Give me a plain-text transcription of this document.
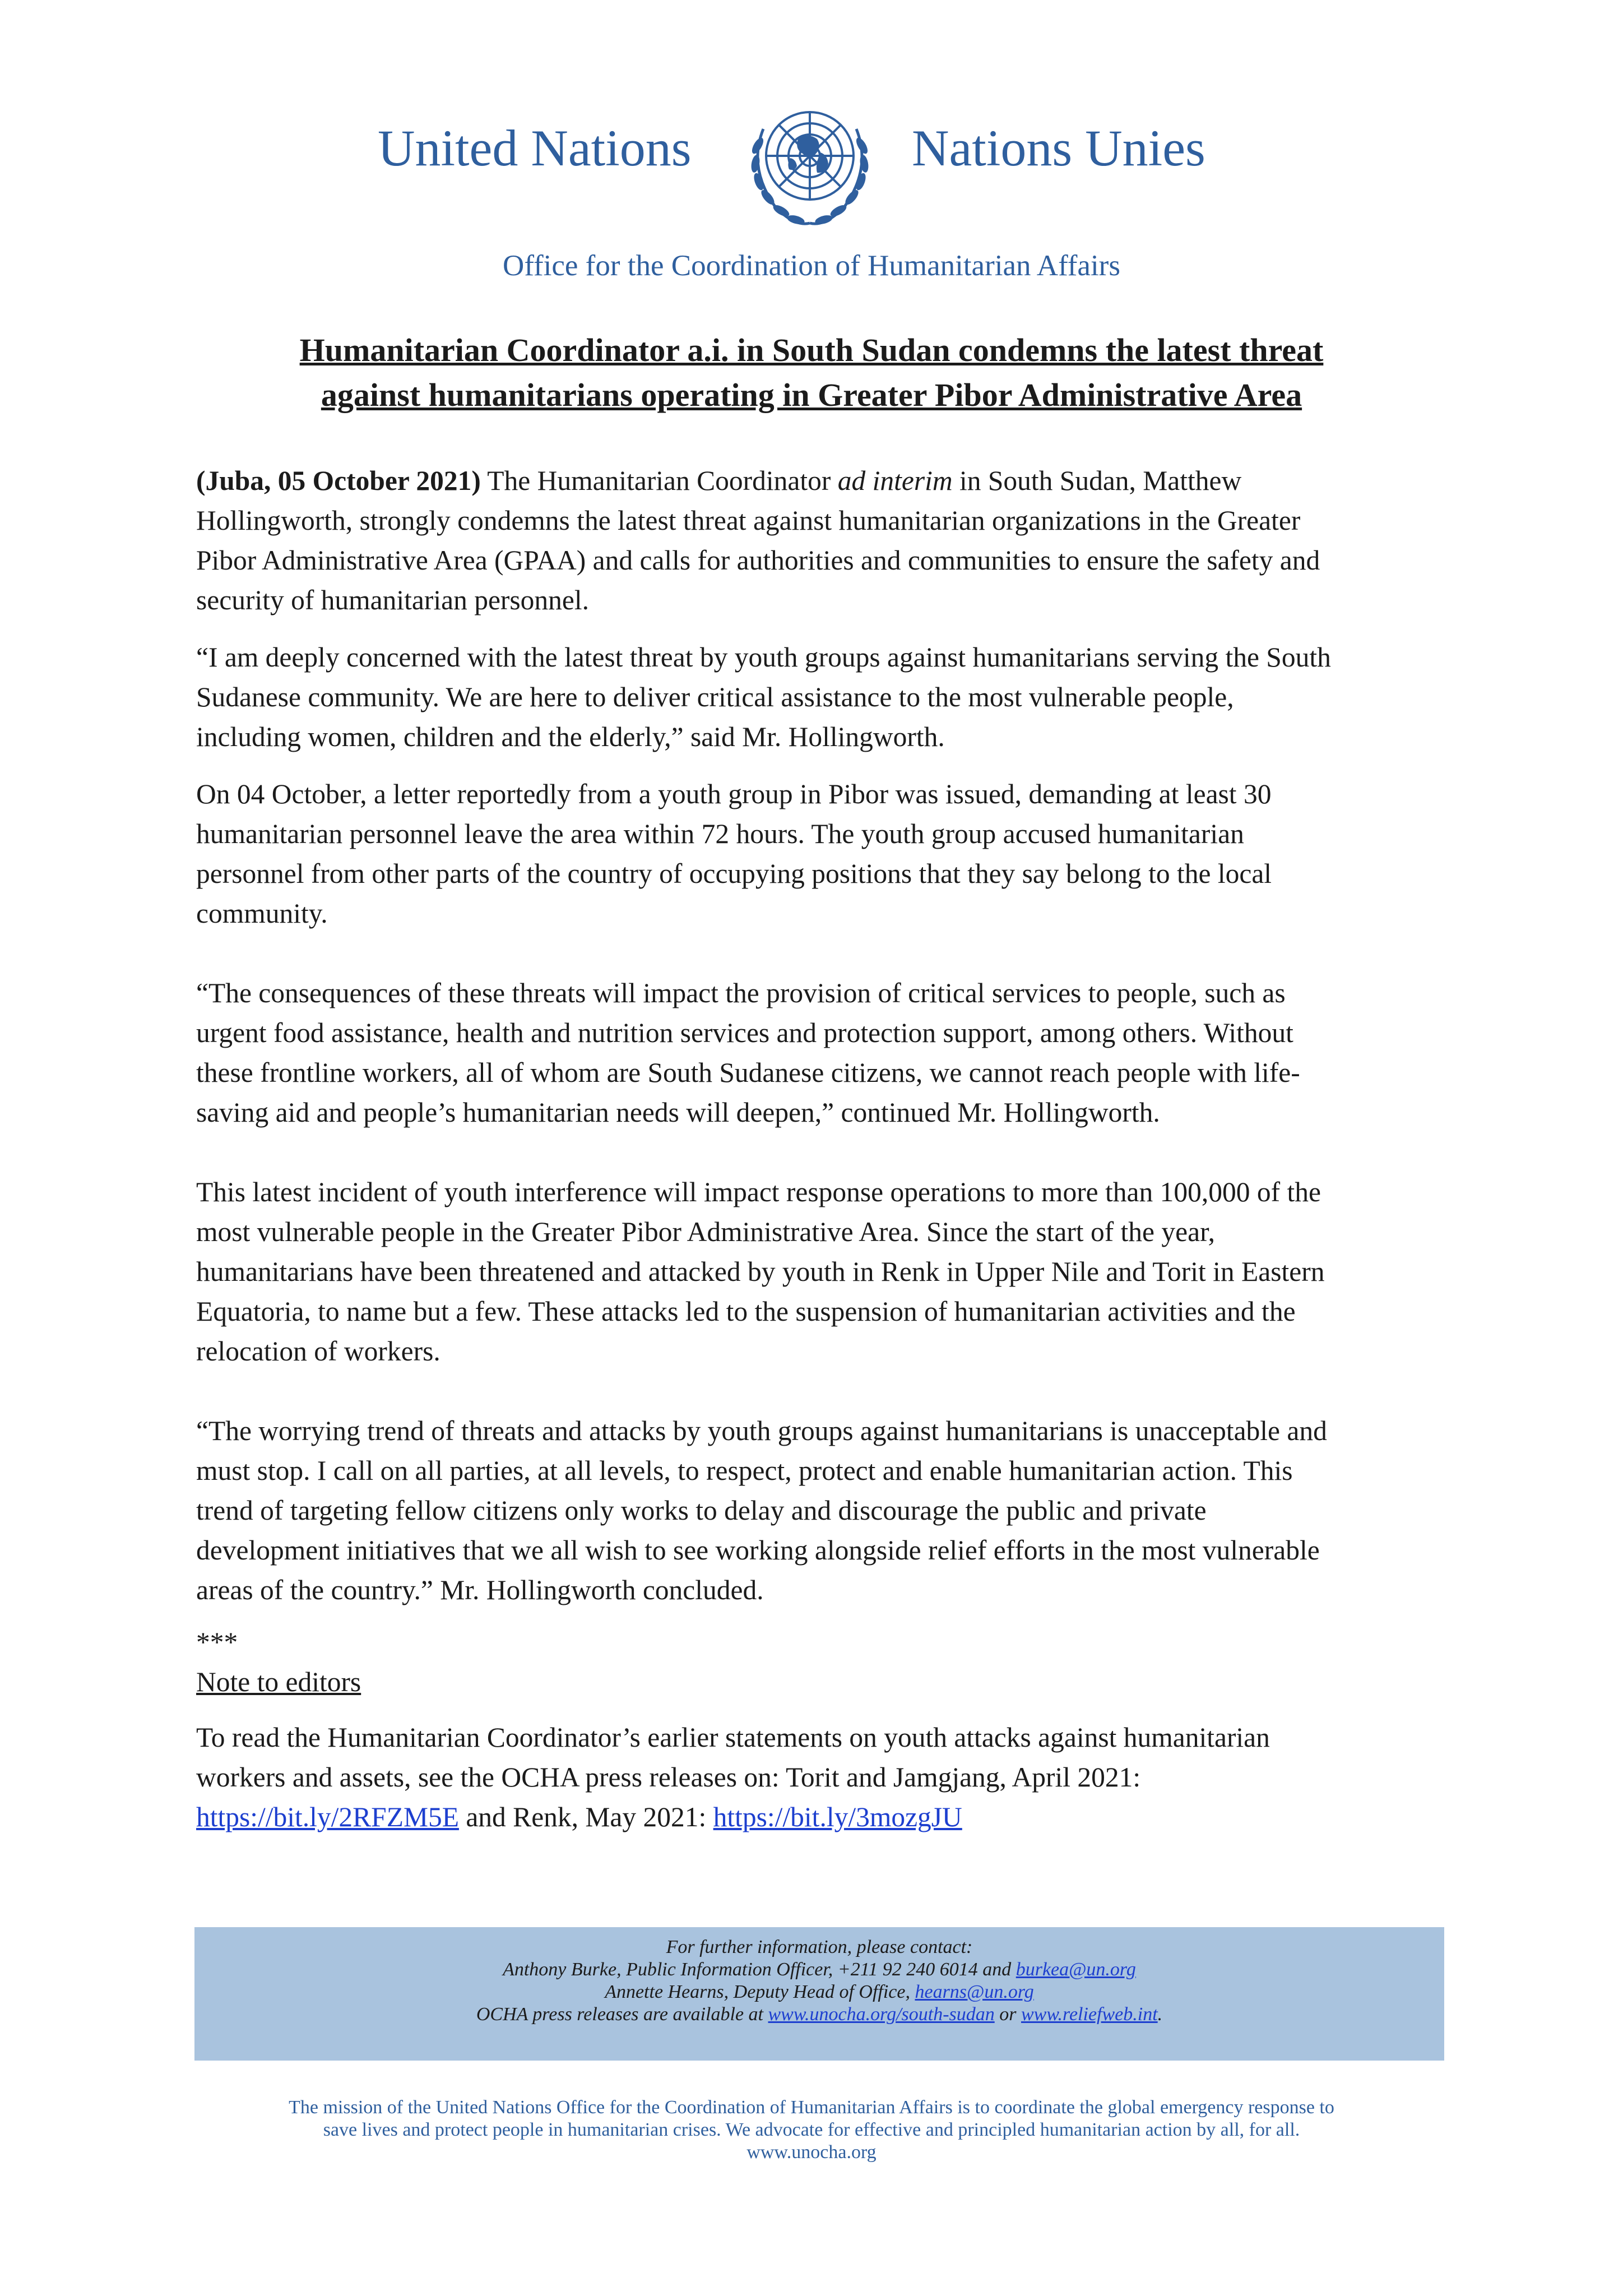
United Nations	Nations Unies
Office for the Coordination of Humanitarian Affairs
Humanitarian Coordinator a.i. in South Sudan condemns the latest threat
against humanitarians operating in Greater Pibor Administrative Area
(Juba, 05 October 2021) The Humanitarian Coordinator ad interim in South Sudan, Matthew
Hollingworth, strongly condemns the latest threat against humanitarian organizations in the Greater
Pibor Administrative Area (GPAA) and calls for authorities and communities to ensure the safety and
security of humanitarian personnel.
“I am deeply concerned with the latest threat by youth groups against humanitarians serving the South
Sudanese community. We are here to deliver critical assistance to the most vulnerable people,
including women, children and the elderly,” said Mr. Hollingworth.
On 04 October, a letter reportedly from a youth group in Pibor was issued, demanding at least 30
humanitarian personnel leave the area within 72 hours. The youth group accused humanitarian
personnel from other parts of the country of occupying positions that they say belong to the local
community.
“The consequences of these threats will impact the provision of critical services to people, such as
urgent food assistance, health and nutrition services and protection support, among others. Without
these frontline workers, all of whom are South Sudanese citizens, we cannot reach people with life-
saving aid and people’s humanitarian needs will deepen,” continued Mr. Hollingworth.
This latest incident of youth interference will impact response operations to more than 100,000 of the
most vulnerable people in the Greater Pibor Administrative Area. Since the start of the year,
humanitarians have been threatened and attacked by youth in Renk in Upper Nile and Torit in Eastern
Equatoria, to name but a few. These attacks led to the suspension of humanitarian activities and the
relocation of workers.
“The worrying trend of threats and attacks by youth groups against humanitarians is unacceptable and
must stop. I call on all parties, at all levels, to respect, protect and enable humanitarian action. This
trend of targeting fellow citizens only works to delay and discourage the public and private
development initiatives that we all wish to see working alongside relief efforts in the most vulnerable
areas of the country.” Mr. Hollingworth concluded.
***
Note to editors
To read the Humanitarian Coordinator’s earlier statements on youth attacks against humanitarian
workers and assets, see the OCHA press releases on: Torit and Jamgjang, April 2021:
https://bit.ly/2RFZM5E and Renk, May 2021: https://bit.ly/3mozgJU
For further information, please contact:
Anthony Burke, Public Information Officer, +211 92 240 6014 and burkea@un.org
Annette Hearns, Deputy Head of Office, hearns@un.org
OCHA press releases are available at www.unocha.org/south-sudan or www.reliefweb.int.
The mission of the United Nations Office for the Coordination of Humanitarian Affairs is to coordinate the global emergency response to
save lives and protect people in humanitarian crises. We advocate for effective and principled humanitarian action by all, for all.
www.unocha.org
